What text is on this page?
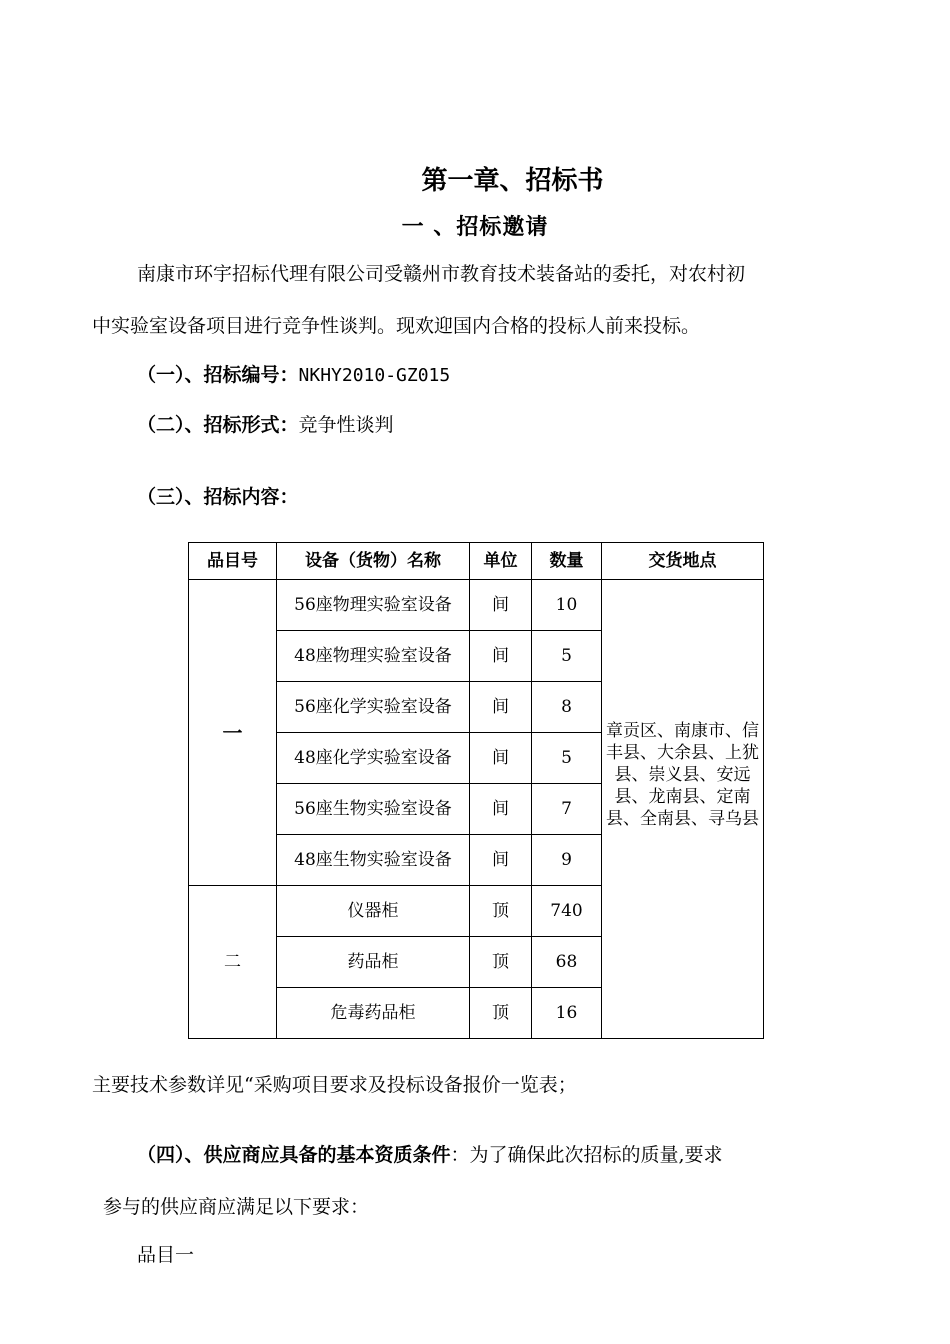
第一章、招标书
一 、招标邀请
南康市环宇招标代理有限公司受赣州市教育技术装备站的委托，对农村初
中实验室设备项目进行竞争性谈判。现欢迎国内合格的投标人前来投标。
（一）、招标编号：NKHY2010-GZ015
（二）、招标形式：竞争性谈判
（三）、招标内容：
品目号	设备（货物）名称	单位	数量	交货地点
一	56座物理实验室设备	间	10	章贡区、南康市、信丰县、大余县、上犹县、崇义县、安远县、龙南县、定南县、全南县、寻乌县
	48座物理实验室设备	间	5	
	56座化学实验室设备	间	8	
	48座化学实验室设备	间	5	
	56座生物实验室设备	间	7	
	48座生物实验室设备	间	9	
二	仪器柜	顶	740	
	药品柜	顶	68	
	危毒药品柜	顶	16	
主要技术参数详见“采购项目要求及投标设备报价一览表；
（四）、供应商应具备的基本资质条件：为了确保此次招标的质量,要求
参与的供应商应满足以下要求：
品目一
